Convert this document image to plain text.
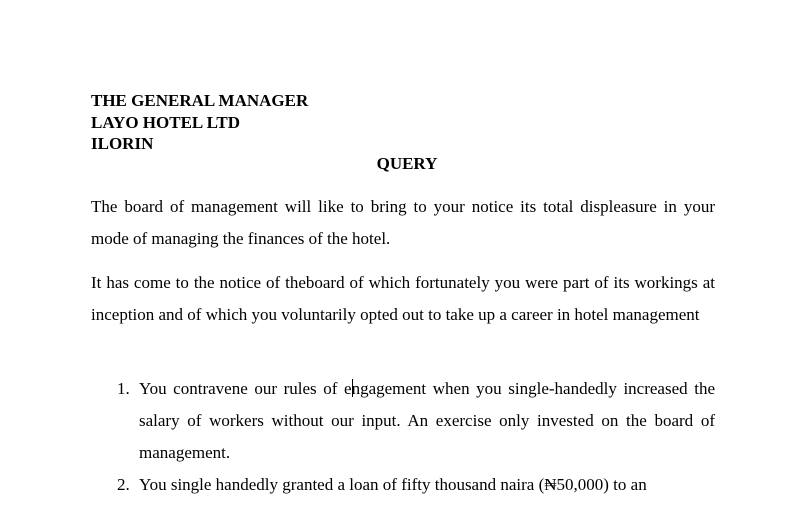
THE GENERAL MANAGER
LAYO HOTEL LTD
ILORIN
QUERY
The board of management will like to bring to your notice its total displeasure in your mode of managing the finances of the hotel.
It has come to the notice of theboard of which fortunately you were part of its workings at inception and of which you voluntarily opted out to take up a career in hotel management
1. You contravene our rules of engagement when you single-handedly increased the salary of workers without our input. An exercise only invested on the board of management.
2. You single handedly granted a loan of fifty thousand naira (₦50,000) to an
